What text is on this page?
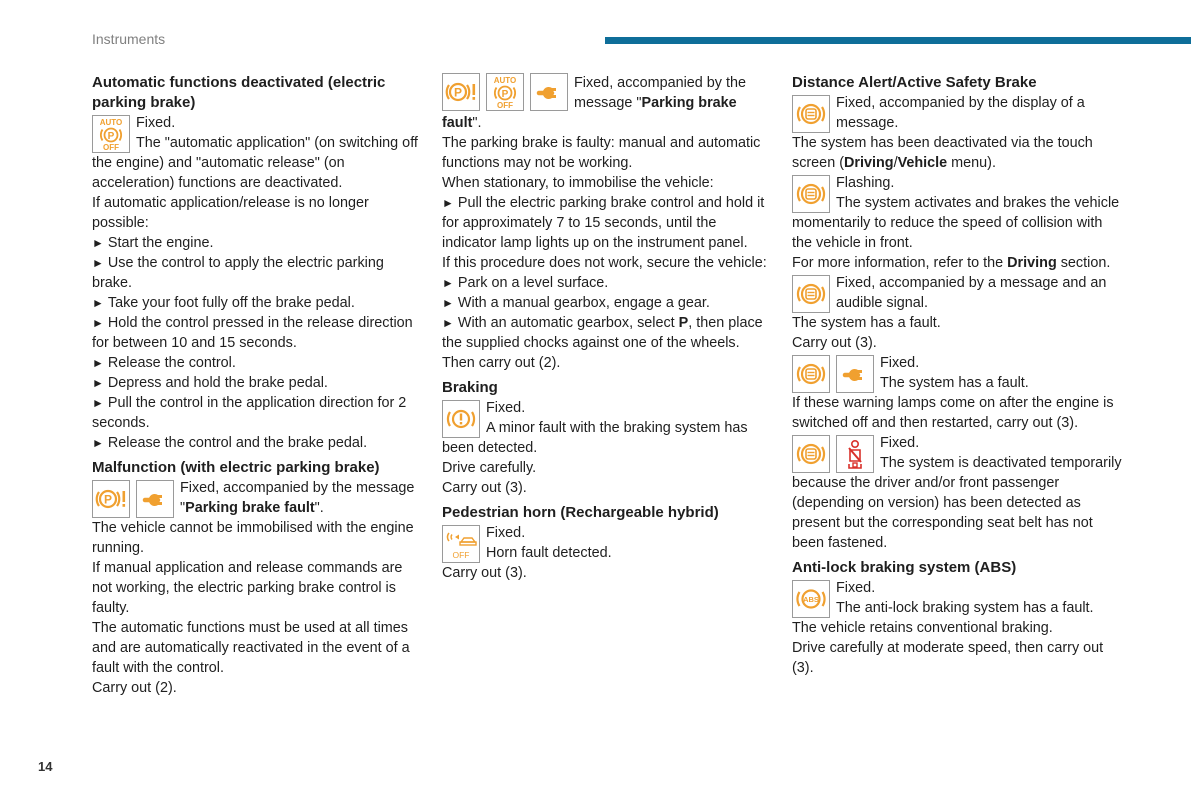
Instruments
Automatic functions deactivated (electric parking brake)
AUTO
P
OFF

Fixed.

The "automatic application" (on switching off the engine) and "automatic release" (on acceleration) functions are deactivated.

If automatic application/release is no longer possible:

► Start the engine.

► Use the control to apply the electric parking brake.

► Take your foot fully off the brake pedal.

► Hold the control pressed in the release direction for between 10 and 15 seconds.

► Release the control.

► Depress and hold the brake pedal.

► Pull the control in the application direction for 2 seconds.

► Release the control and the brake pedal.

Malfunction (with electric parking brake)

Fixed, accompanied by the message "Parking brake fault".

The vehicle cannot be immobilised with the engine running.

If manual application and release commands are not working, the electric parking brake control is faulty.

The automatic functions must be used at all times and are automatically reactivated in the event of a fault with the control.

Carry out (2).

AUTO
P
OFF

Fixed, accompanied by the message "Parking brake fault".

The parking brake is faulty: manual and automatic functions may not be working.

When stationary, to immobilise the vehicle:

► Pull the electric parking brake control and hold it for approximately 7 to 15 seconds, until the indicator lamp lights up on the instrument panel.

If this procedure does not work, secure the vehicle:

► Park on a level surface.

► With a manual gearbox, engage a gear.

► With an automatic gearbox, select P, then place the supplied chocks against one of the wheels.

Then carry out (2).

Braking

Fixed.

A minor fault with the braking system has been detected.

Drive carefully.

Carry out (3).

Pedestrian horn (Rechargeable hybrid)
OFF

Fixed.

Horn fault detected.

Carry out (3).

Distance Alert/Active Safety Brake

Fixed, accompanied by the display of a message.

The system has been deactivated via the touch screen (Driving/Vehicle menu).

Flashing.

The system activates and brakes the vehicle momentarily to reduce the speed of collision with the vehicle in front.

For more information, refer to the Driving section.

Fixed, accompanied by a message and an audible signal.

The system has a fault.

Carry out (3).

Fixed.

The system has a fault.

If these warning lamps come on after the engine is switched off and then restarted, carry out (3).

Fixed.

The system is deactivated temporarily because the driver and/or front passenger (depending on version) has been detected as present but the corresponding seat belt has not been fastened.

Anti-lock braking system (ABS)
ABS

Fixed.

The anti-lock braking system has a fault.

The vehicle retains conventional braking.

Drive carefully at moderate speed, then carry out (3).

14
